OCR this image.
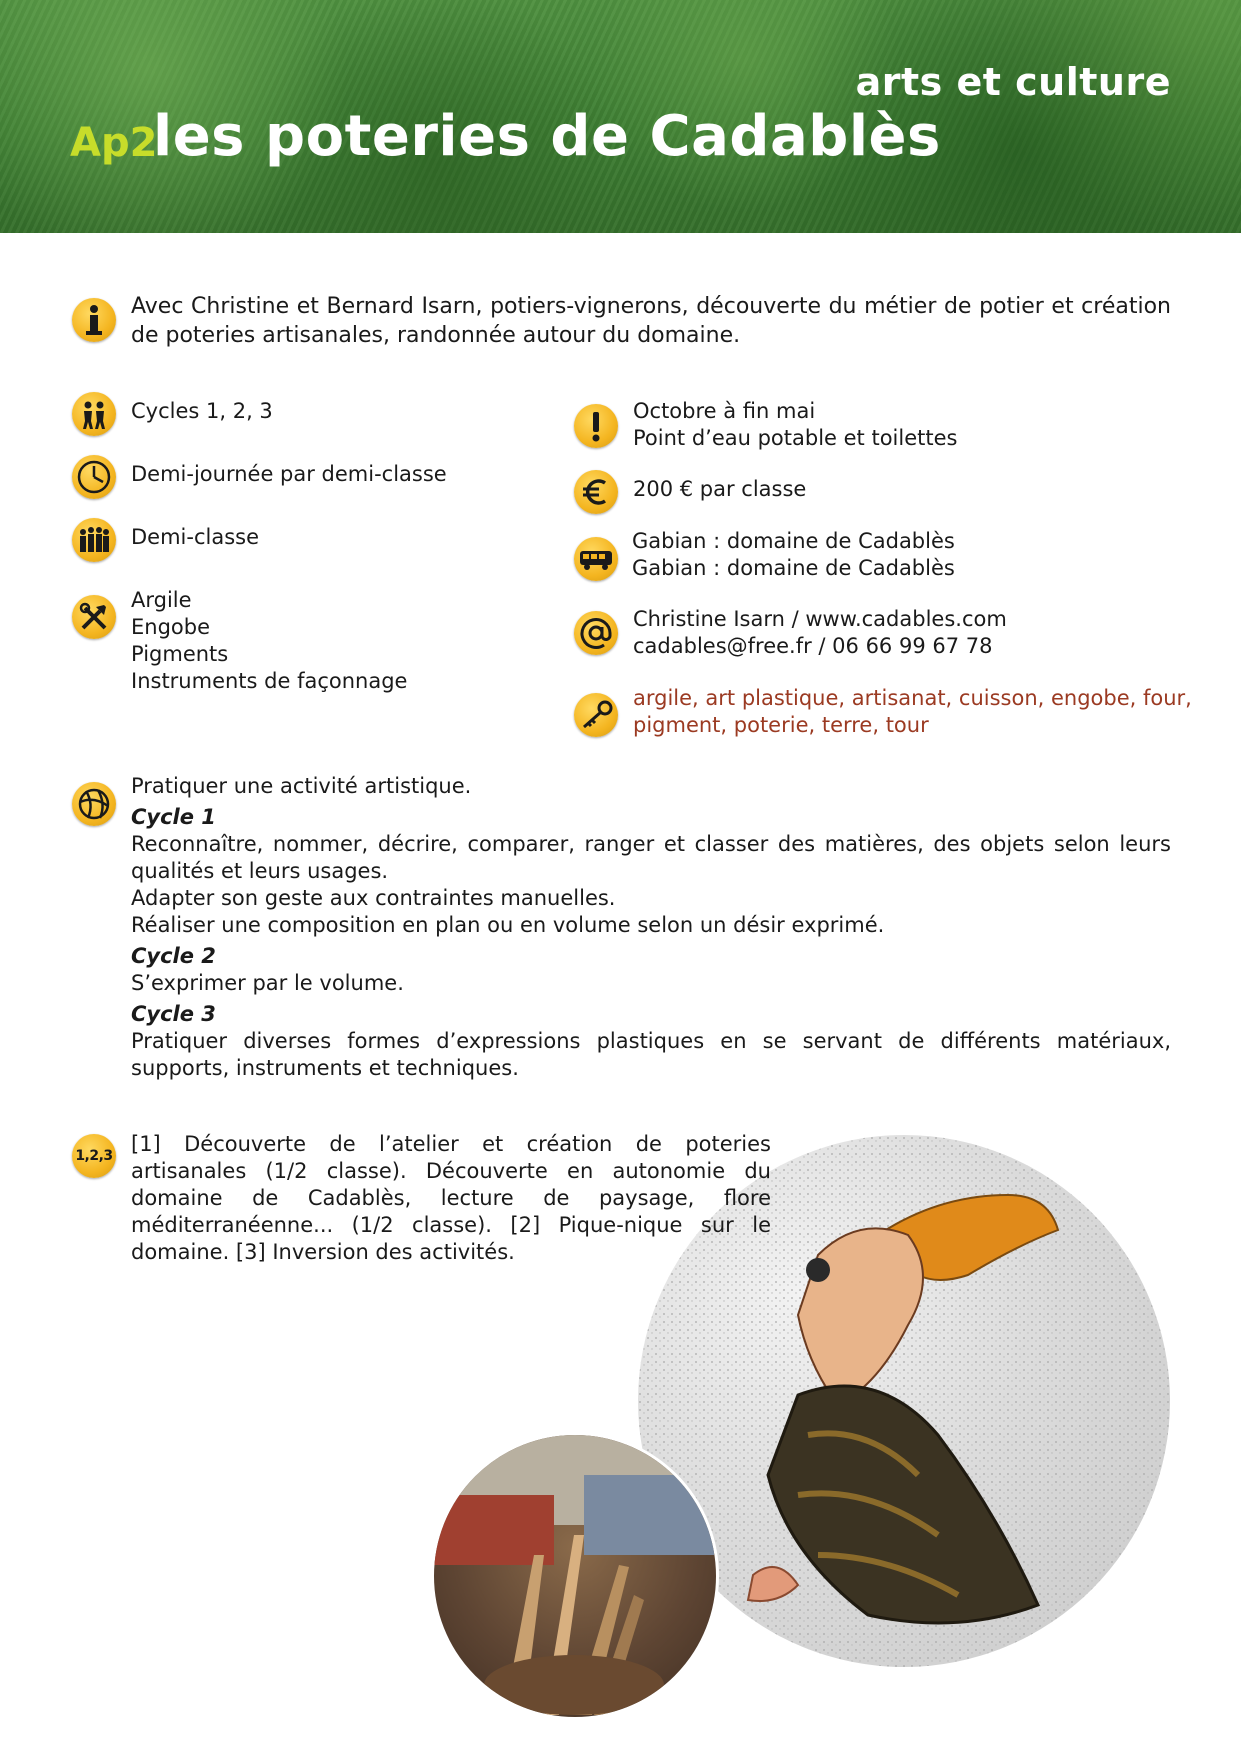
arts et culture
Ap2
les poteries de Cadablès
Avec Christine et Bernard Isarn, potiers-vignerons, découverte du métier de potier et création de poteries artisanales, randonnée autour du domaine.
Cycles 1, 2, 3
Demi-journée par demi-classe
Demi-classe
Argile
Engobe
Pigments
Instruments de façonnage
Octobre à fin mai
Point d’eau potable et toilettes
200 € par classe
Gabian : domaine de Cadablès
Gabian : domaine de Cadablès
Christine Isarn / www.cadables.com
cadables@free.fr / 06 66 99 67 78
argile, art plastique, artisanat, cuisson, engobe, four,
pigment, poterie, terre, tour
Pratiquer une activité artistique.
Cycle 1
Reconnaître, nommer, décrire, comparer, ranger et classer des matières, des objets selon leurs qualités et leurs usages.
Adapter son geste aux contraintes manuelles.
Réaliser une composition en plan ou en volume selon un désir exprimé.
Cycle 2
S’exprimer par le volume.
Cycle 3
Pratiquer diverses formes d’expressions plastiques en se servant de différents matériaux, supports, instruments et techniques.
1,2,3 [1] Découverte de l’atelier et création de poteries artisanales (1/2 classe). Découverte en autonomie du domaine de Cadablès, lecture de paysage, flore méditerranéenne... (1/2 classe). [2] Pique-nique sur le domaine. [3] Inversion des activités.
